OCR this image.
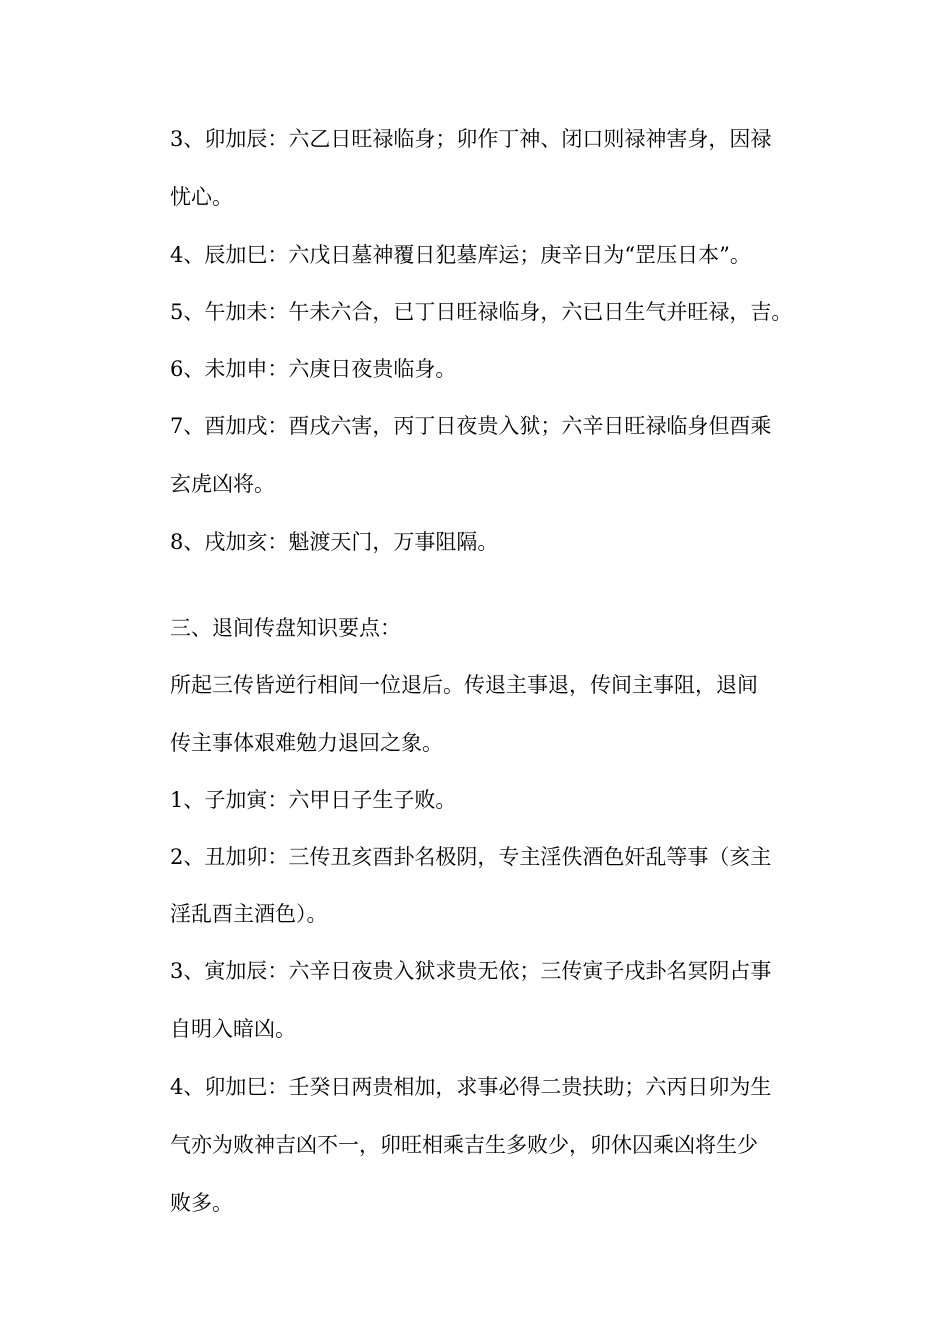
3、卯加辰：六乙日旺禄临身；卯作丁神、闭口则禄神害身，因禄

忧心。

4、辰加巳：六戊日墓神覆日犯墓库运；庚辛日为“罡压日本”。

5、午加未：午未六合，已丁日旺禄临身，六已日生气并旺禄，吉。

6、未加申：六庚日夜贵临身。

7、酉加戌：酉戌六害，丙丁日夜贵入狱；六辛日旺禄临身但酉乘

玄虎凶将。

8、戌加亥：魁渡天门，万事阻隔。

三、退间传盘知识要点：

所起三传皆逆行相间一位退后。传退主事退，传间主事阻，退间

传主事体艰难勉力退回之象。

1、子加寅：六甲日子生子败。

2、丑加卯：三传丑亥酉卦名极阴，专主淫佚酒色奸乱等事（亥主

淫乱酉主酒色）。

3、寅加辰：六辛日夜贵入狱求贵无依；三传寅子戌卦名冥阴占事

自明入暗凶。

4、卯加巳：壬癸日两贵相加，求事必得二贵扶助；六丙日卯为生

气亦为败神吉凶不一，卯旺相乘吉生多败少，卯休囚乘凶将生少

败多。
